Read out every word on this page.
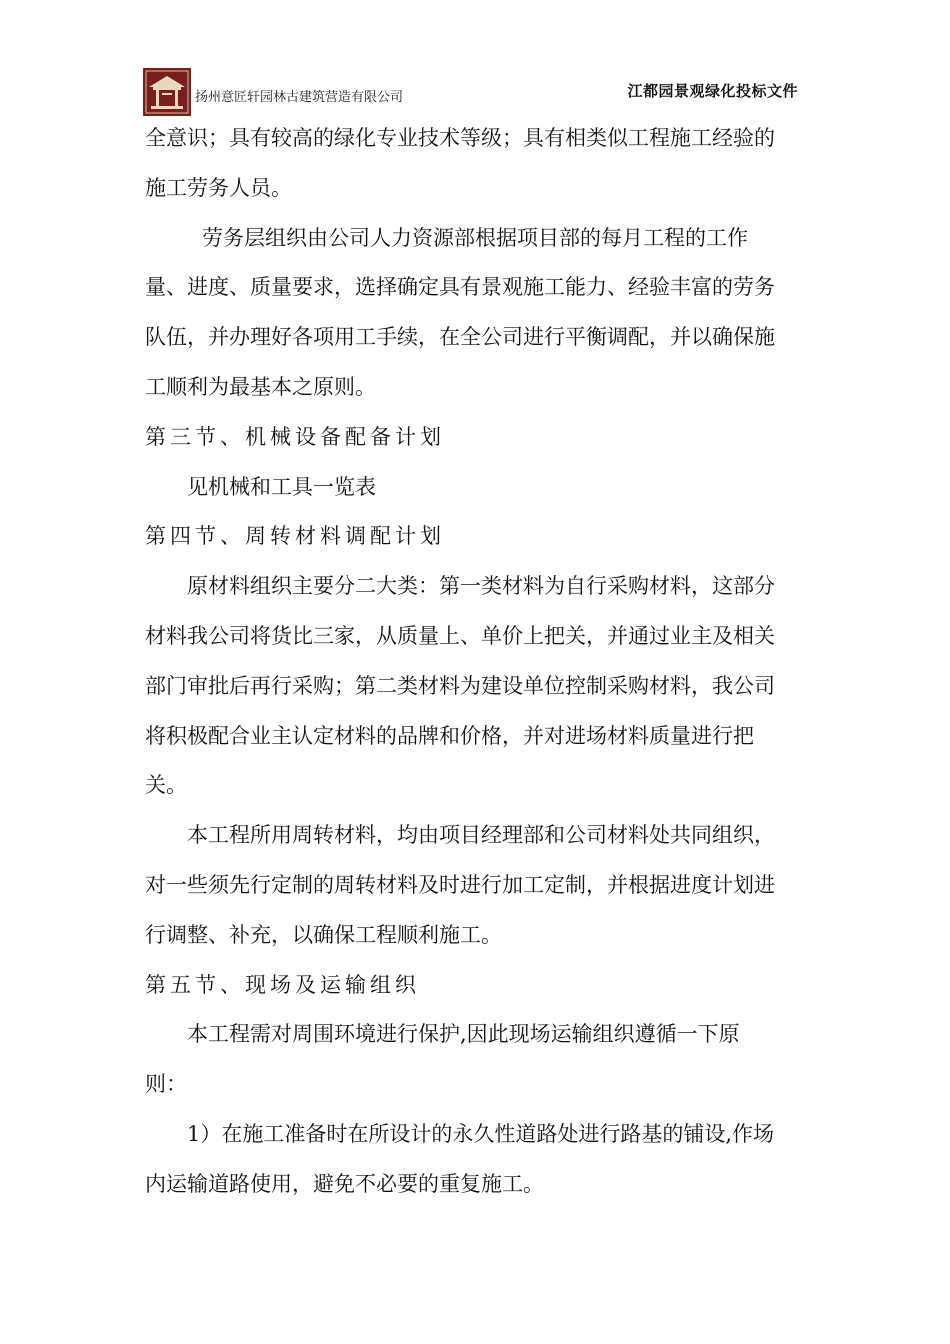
扬州意匠轩园林古建筑营造有限公司	江都园景观绿化投标文件
全意识；具有较高的绿化专业技术等级；具有相类似工程施工经验的
施工劳务人员。
劳务层组织由公司人力资源部根据项目部的每月工程的工作
量、进度、质量要求，选择确定具有景观施工能力、经验丰富的劳务
队伍，并办理好各项用工手续，在全公司进行平衡调配，并以确保施
工顺利为最基本之原则。
第三节、机械设备配备计划
见机械和工具一览表
第四节、周转材料调配计划
原材料组织主要分二大类：第一类材料为自行采购材料，这部分
材料我公司将货比三家，从质量上、单价上把关，并通过业主及相关
部门审批后再行采购；第二类材料为建设单位控制采购材料，我公司
将积极配合业主认定材料的品牌和价格，并对进场材料质量进行把
关。
本工程所用周转材料，均由项目经理部和公司材料处共同组织，
对一些须先行定制的周转材料及时进行加工定制，并根据进度计划进
行调整、补充，以确保工程顺利施工。
第五节、现场及运输组织
本工程需对周围环境进行保护,因此现场运输组织遵循一下原
则：
1）在施工准备时在所设计的永久性道路处进行路基的铺设,作场
内运输道路使用，避免不必要的重复施工。
